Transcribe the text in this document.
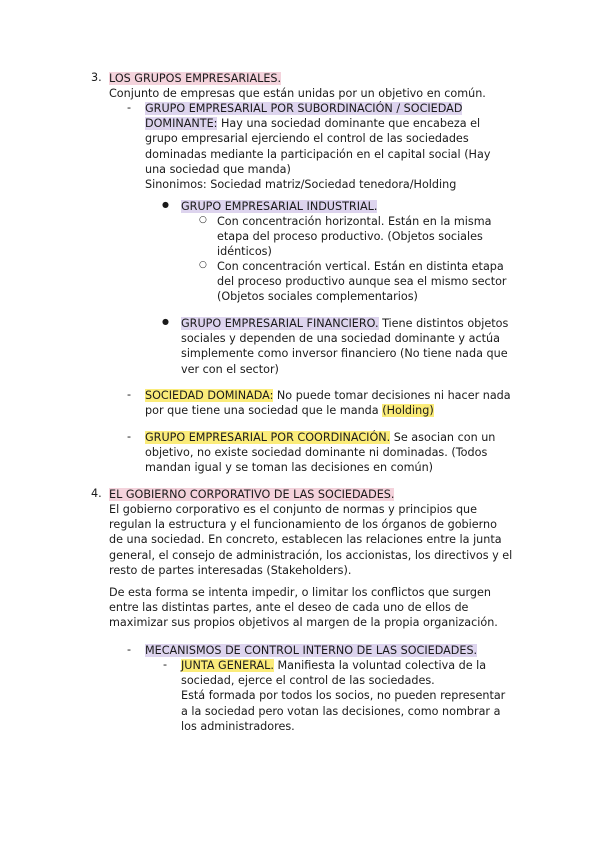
3. LOS GRUPOS EMPRESARIALES.
Conjunto de empresas que están unidas por un objetivo en común.
- GRUPO EMPRESARIAL POR SUBORDINACIÓN / SOCIEDAD
DOMINANTE: Hay una sociedad dominante que encabeza el
grupo empresarial ejerciendo el control de las sociedades
dominadas mediante la participación en el capital social (Hay
una sociedad que manda)
Sinonimos: Sociedad matriz/Sociedad tenedora/Holding
● GRUPO EMPRESARIAL INDUSTRIAL.
○ Con concentración horizontal. Están en la misma
etapa del proceso productivo. (Objetos sociales
idénticos)
○ Con concentración vertical. Están en distinta etapa
del proceso productivo aunque sea el mismo sector
(Objetos sociales complementarios)
● GRUPO EMPRESARIAL FINANCIERO. Tiene distintos objetos
sociales y dependen de una sociedad dominante y actúa
simplemente como inversor financiero (No tiene nada que
ver con el sector)
- SOCIEDAD DOMINADA: No puede tomar decisiones ni hacer nada
por que tiene una sociedad que le manda (Holding)
- GRUPO EMPRESARIAL POR COORDINACIÓN. Se asocian con un
objetivo, no existe sociedad dominante ni dominadas. (Todos
mandan igual y se toman las decisiones en común)
4. EL GOBIERNO CORPORATIVO DE LAS SOCIEDADES.
El gobierno corporativo es el conjunto de normas y principios que
regulan la estructura y el funcionamiento de los órganos de gobierno
de una sociedad. En concreto, establecen las relaciones entre la junta
general, el consejo de administración, los accionistas, los directivos y el
resto de partes interesadas (Stakeholders).
De esta forma se intenta impedir, o limitar los conflictos que surgen
entre las distintas partes, ante el deseo de cada uno de ellos de
maximizar sus propios objetivos al margen de la propia organización.
- MECANISMOS DE CONTROL INTERNO DE LAS SOCIEDADES.
- JUNTA GENERAL. Manifiesta la voluntad colectiva de la
sociedad, ejerce el control de las sociedades.
Está formada por todos los socios, no pueden representar
a la sociedad pero votan las decisiones, como nombrar a
los administradores.
